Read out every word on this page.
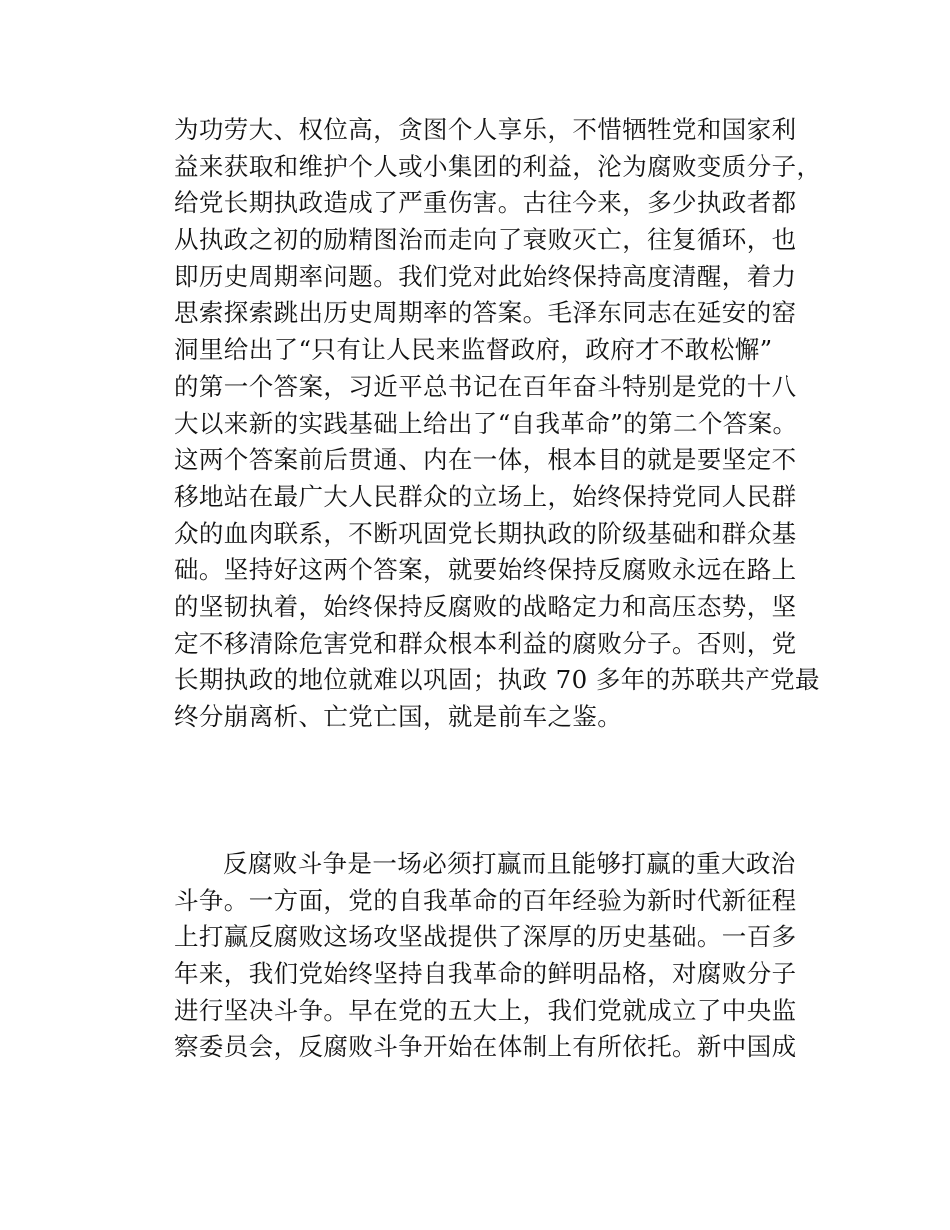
为功劳大、权位高，贪图个人享乐，不惜牺牲党和国家利
益来获取和维护个人或小集团的利益，沦为腐败变质分子，
给党长期执政造成了严重伤害。古往今来，多少执政者都
从执政之初的励精图治而走向了衰败灭亡，往复循环，也
即历史周期率问题。我们党对此始终保持高度清醒，着力
思索探索跳出历史周期率的答案。毛泽东同志在延安的窑
洞里给出了“只有让人民来监督政府，政府才不敢松懈”
的第一个答案，习近平总书记在百年奋斗特别是党的十八
大以来新的实践基础上给出了“自我革命”的第二个答案。
这两个答案前后贯通、内在一体，根本目的就是要坚定不
移地站在最广大人民群众的立场上，始终保持党同人民群
众的血肉联系，不断巩固党长期执政的阶级基础和群众基
础。坚持好这两个答案，就要始终保持反腐败永远在路上
的坚韧执着，始终保持反腐败的战略定力和高压态势，坚
定不移清除危害党和群众根本利益的腐败分子。否则，党
长期执政的地位就难以巩固；执政 70 多年的苏联共产党最
终分崩离析、亡党亡国，就是前车之鉴。
反腐败斗争是一场必须打赢而且能够打赢的重大政治
斗争。一方面，党的自我革命的百年经验为新时代新征程
上打赢反腐败这场攻坚战提供了深厚的历史基础。一百多
年来，我们党始终坚持自我革命的鲜明品格，对腐败分子
进行坚决斗争。早在党的五大上，我们党就成立了中央监
察委员会，反腐败斗争开始在体制上有所依托。新中国成
